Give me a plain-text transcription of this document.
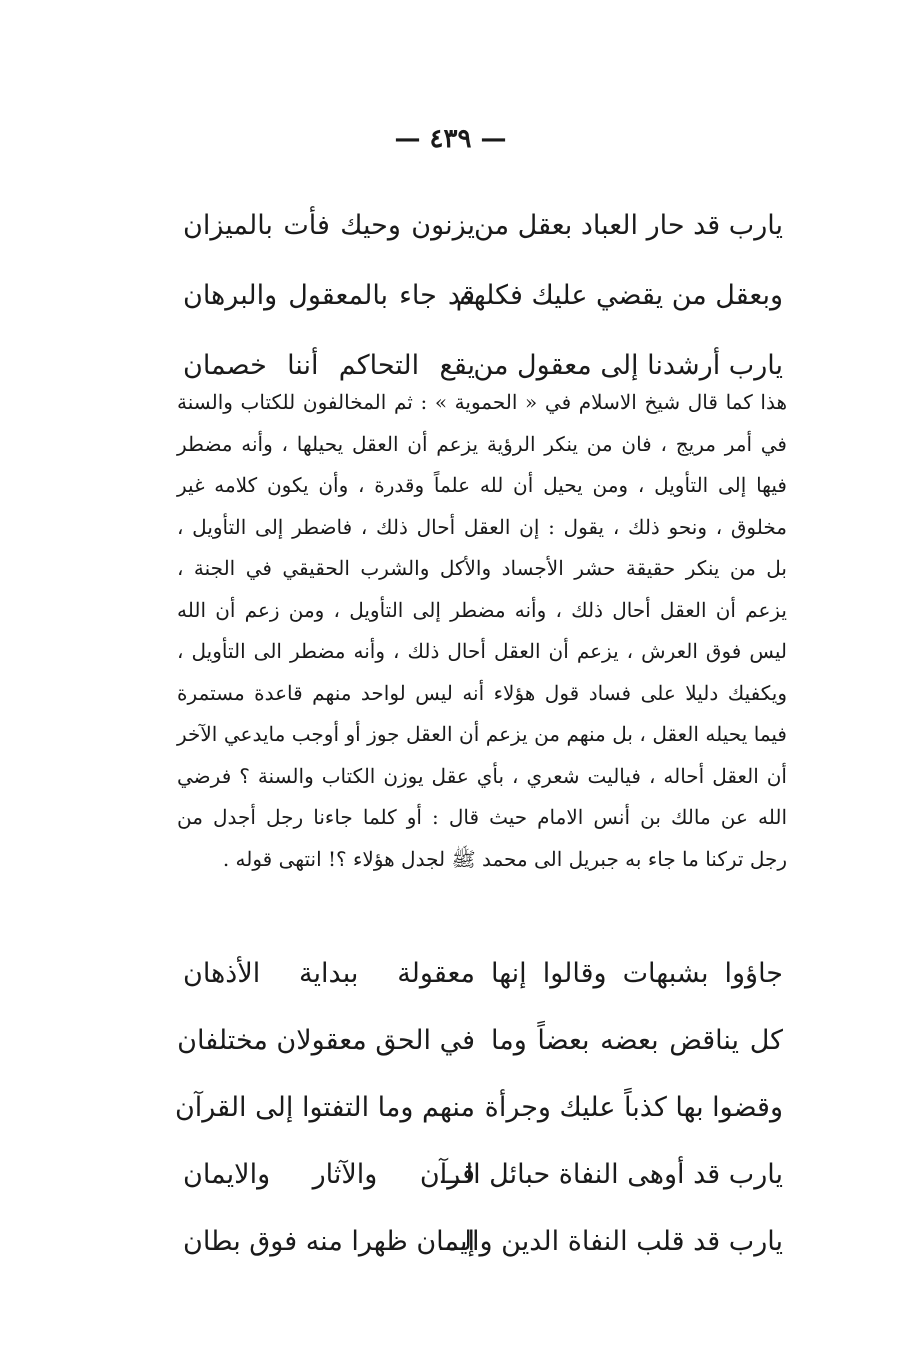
— ٤٣٩ —
يارب قد حار العباد بعقل من
يزنون وحيك فأت بالميزان
وبعقل من يقضي عليك فكلهم
قد جاء بالمعقول والبرهان
يارب أرشدنا إلى معقول من
يقع التحاكم أننا خصمان
هذا كما قال شيخ الاسلام في « الحموية » : ثم المخالفون للكتاب والسنة
في أمر مريج ، فان من ينكر الرؤية يزعم أن العقل يحيلها ، وأنه مضطر
فيها إلى التأويل ، ومن يحيل أن لله علماً وقدرة ، وأن يكون كلامه غير
مخلوق ، ونحو ذلك ، يقول : إن العقل أحال ذلك ، فاضطر إلى التأويل ،
بل من ينكر حقيقة حشر الأجساد والأكل والشرب الحقيقي في الجنة ،
يزعم أن العقل أحال ذلك ، وأنه مضطر إلى التأويل ، ومن زعم أن الله
ليس فوق العرش ، يزعم أن العقل أحال ذلك ، وأنه مضطر الى التأويل ،
ويكفيك دليلا على فساد قول هؤلاء أنه ليس لواحد منهم قاعدة مستمرة
فيما يحيله العقل ، بل منهم من يزعم أن العقل جوز أو أوجب مايدعي الآخر
أن العقل أحاله ، فياليت شعري ، بأي عقل يوزن الكتاب والسنة ؟ فرضي
الله عن مالك بن أنس الامام حيث قال : أو كلما جاءنا رجل أجدل من
رجل تركنا ما جاء به جبريل الى محمد ﷺ لجدل هؤلاء ؟! انتهى قوله .
جاؤوا بشبهات وقالوا إنها
معقولة ببداية الأذهان
كل يناقض بعضه بعضاً وما
في الحق معقولان مختلفان
وقضوا بها كذباً عليك وجرأة
منهم وما التفتوا إلى القرآن
يارب قد أوهى النفاة حبائل الـــ
قرآن والآثار والايمان
يارب قد قلب النفاة الدين والـــ
إيمان ظهرا منه فوق بطان
